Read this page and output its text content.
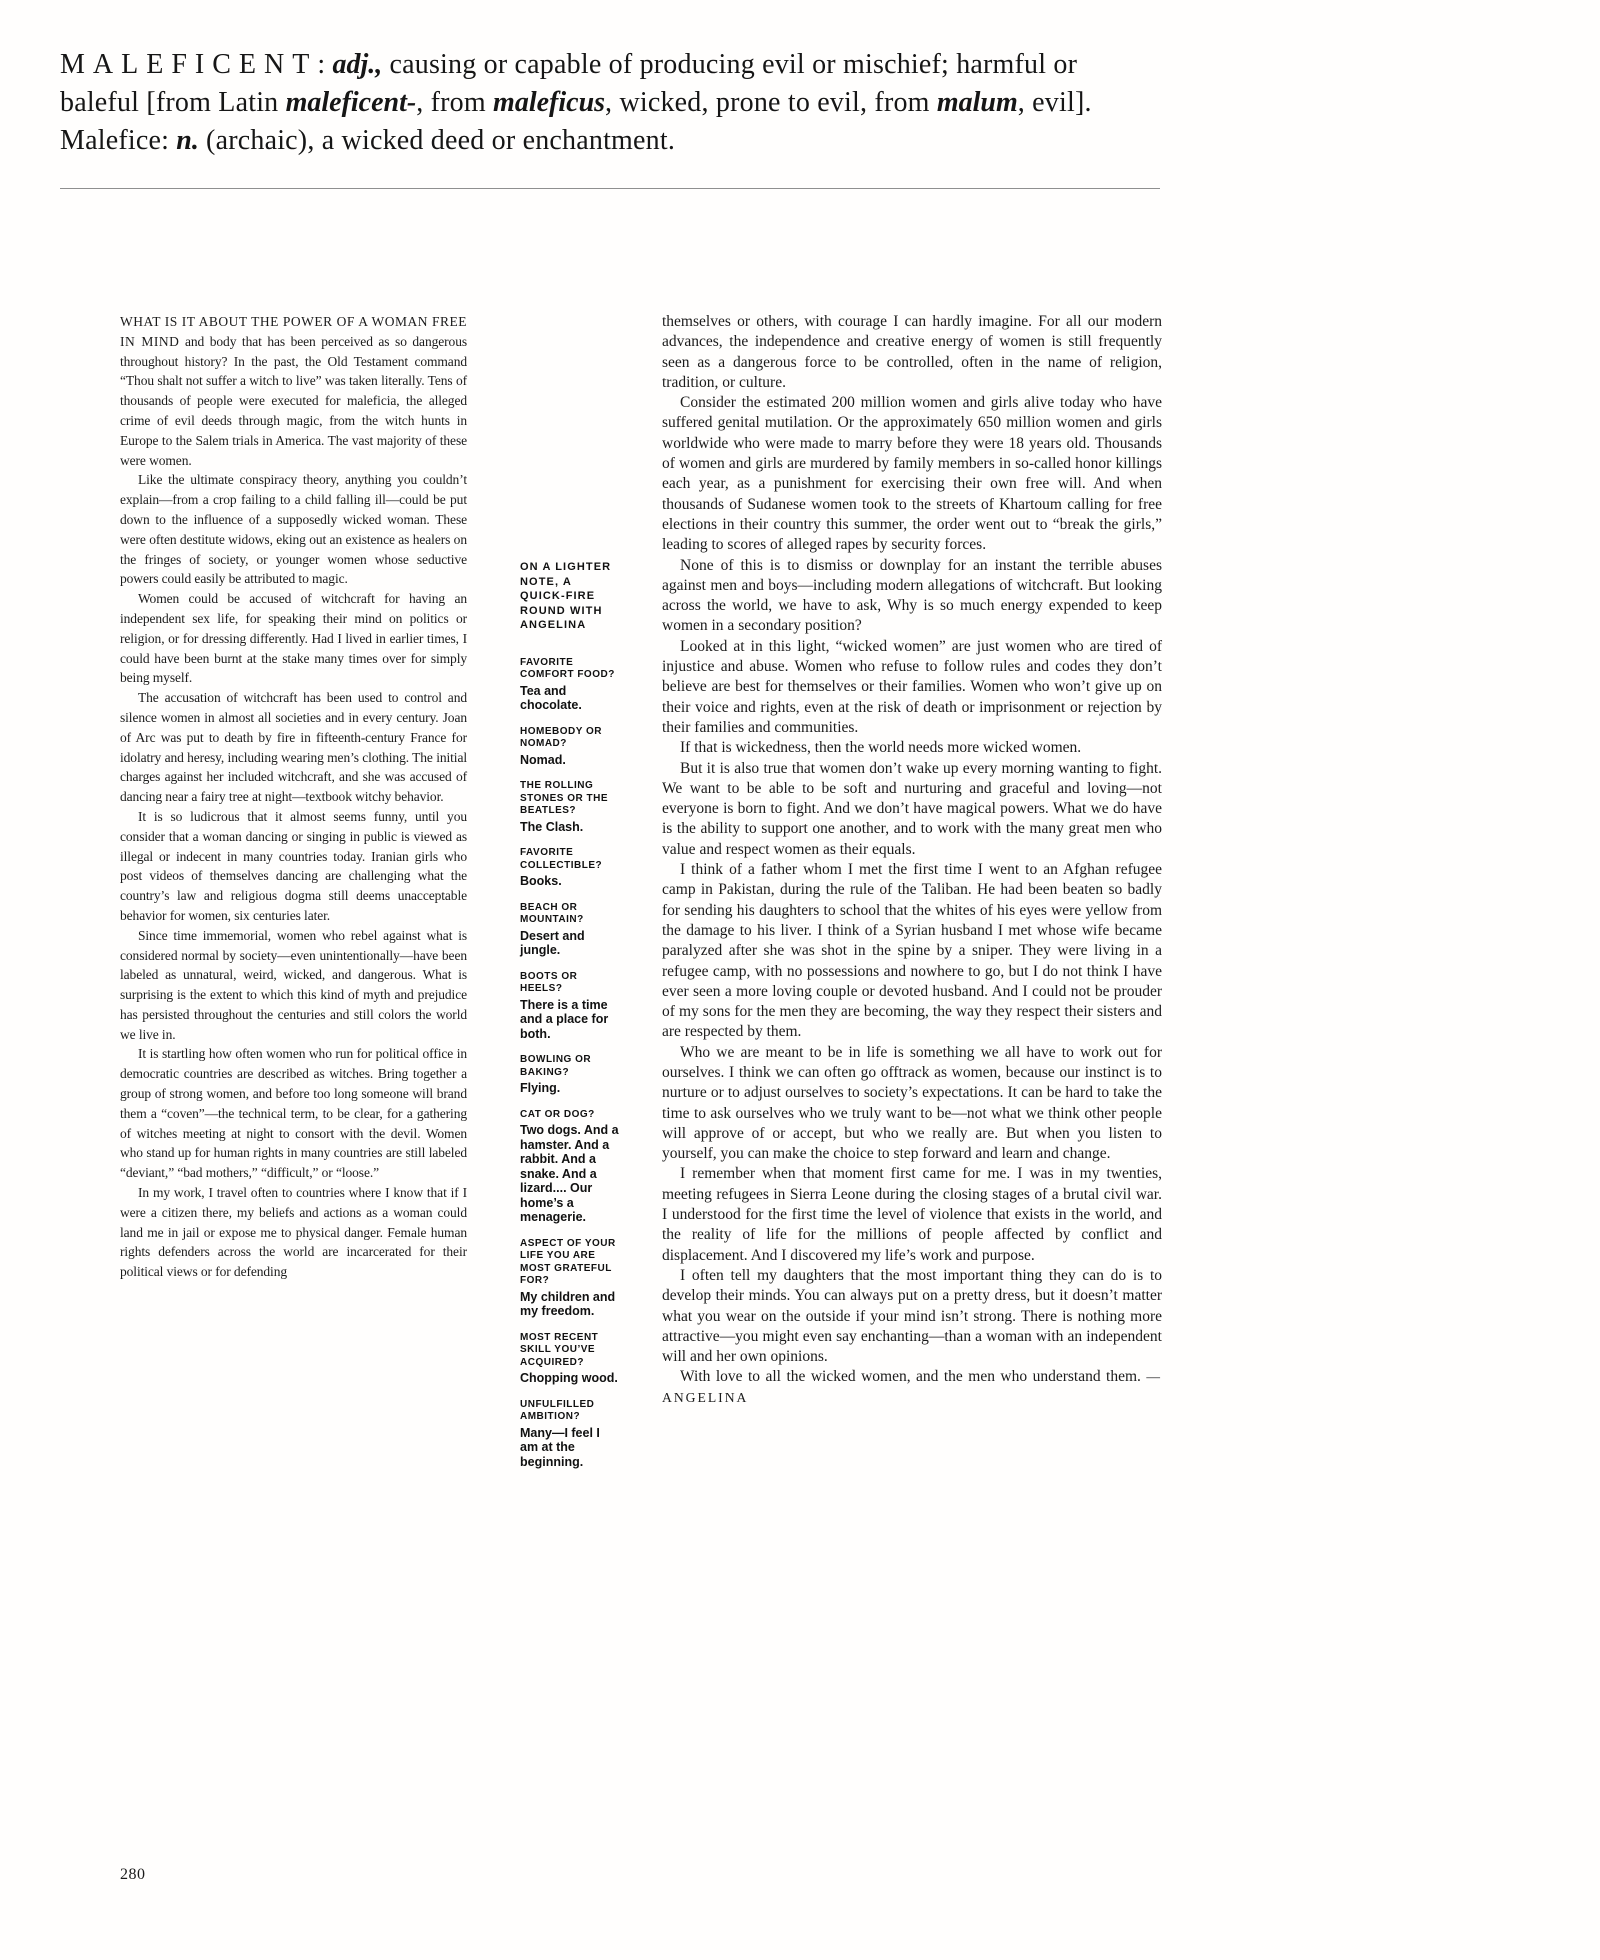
MALEFICENT: adj., causing or capable of producing evil or mischief; harmful or baleful [from Latin maleficent-, from maleficus, wicked, prone to evil, from malum, evil]. Malefice: n. (archaic), a wicked deed or enchantment.

WHAT IS IT ABOUT THE POWER OF A WOMAN FREE IN MIND and body that has been perceived as so dangerous throughout history? In the past, the Old Testament command “Thou shalt not suffer a witch to live” was taken literally. Tens of thousands of people were executed for maleficia, the alleged crime of evil deeds through magic, from the witch hunts in Europe to the Salem trials in America. The vast majority of these were women.

Like the ultimate conspiracy theory, anything you couldn’t explain—from a crop failing to a child falling ill—could be put down to the influence of a supposedly wicked woman. These were often destitute widows, eking out an existence as healers on the fringes of society, or younger women whose seductive powers could easily be attributed to magic.

Women could be accused of witchcraft for having an independent sex life, for speaking their mind on politics or religion, or for dressing differently. Had I lived in earlier times, I could have been burnt at the stake many times over for simply being myself.

The accusation of witchcraft has been used to control and silence women in almost all societies and in every century. Joan of Arc was put to death by fire in fifteenth-century France for idolatry and heresy, including wearing men’s clothing. The initial charges against her included witchcraft, and she was accused of dancing near a fairy tree at night—textbook witchy behavior.

It is so ludicrous that it almost seems funny, until you consider that a woman dancing or singing in public is viewed as illegal or indecent in many countries today. Iranian girls who post videos of themselves dancing are challenging what the country’s law and religious dogma still deems unacceptable behavior for women, six centuries later.

Since time immemorial, women who rebel against what is considered normal by society—even unintentionally—have been labeled as unnatural, weird, wicked, and dangerous. What is surprising is the extent to which this kind of myth and prejudice has persisted throughout the centuries and still colors the world we live in.

It is startling how often women who run for political office in democratic countries are described as witches. Bring together a group of strong women, and before too long someone will brand them a “coven”—the technical term, to be clear, for a gathering of witches meeting at night to consort with the devil. Women who stand up for human rights in many countries are still labeled “deviant,” “bad mothers,” “difficult,” or “loose.”

In my work, I travel often to countries where I know that if I were a citizen there, my beliefs and actions as a woman could land me in jail or expose me to physical danger. Female human rights defenders across the world are incarcerated for their political views or for defending

ON A LIGHTER NOTE, A QUICK-FIRE ROUND WITH ANGELINA
FAVORITE COMFORT FOOD?
Tea and chocolate.
HOMEBODY OR NOMAD?
Nomad.
THE ROLLING STONES OR THE BEATLES?
The Clash.
FAVORITE COLLECTIBLE?
Books.
BEACH OR MOUNTAIN?
Desert and jungle.
BOOTS OR HEELS?
There is a time and a place for both.
BOWLING OR BAKING?
Flying.
CAT OR DOG?
Two dogs. And a hamster. And a rabbit. And a snake. And a lizard.... Our home’s a menagerie.
ASPECT OF YOUR LIFE YOU ARE MOST GRATEFUL FOR?
My children and my freedom.
MOST RECENT SKILL YOU’VE ACQUIRED?
Chopping wood.
UNFULFILLED AMBITION?
Many—I feel I am at the beginning.

themselves or others, with courage I can hardly imagine. For all our modern advances, the independence and creative energy of women is still frequently seen as a dangerous force to be controlled, often in the name of religion, tradition, or culture.

Consider the estimated 200 million women and girls alive today who have suffered genital mutilation. Or the approximately 650 million women and girls worldwide who were made to marry before they were 18 years old. Thousands of women and girls are murdered by family members in so-called honor killings each year, as a punishment for exercising their own free will. And when thousands of Sudanese women took to the streets of Khartoum calling for free elections in their country this summer, the order went out to “break the girls,” leading to scores of alleged rapes by security forces.

None of this is to dismiss or downplay for an instant the terrible abuses against men and boys—including modern allegations of witchcraft. But looking across the world, we have to ask, Why is so much energy expended to keep women in a secondary position?

Looked at in this light, “wicked women” are just women who are tired of injustice and abuse. Women who refuse to follow rules and codes they don’t believe are best for themselves or their families. Women who won’t give up on their voice and rights, even at the risk of death or imprisonment or rejection by their families and communities.

If that is wickedness, then the world needs more wicked women.

But it is also true that women don’t wake up every morning wanting to fight. We want to be able to be soft and nurturing and graceful and loving—not everyone is born to fight. And we don’t have magical powers. What we do have is the ability to support one another, and to work with the many great men who value and respect women as their equals.

I think of a father whom I met the first time I went to an Afghan refugee camp in Pakistan, during the rule of the Taliban. He had been beaten so badly for sending his daughters to school that the whites of his eyes were yellow from the damage to his liver. I think of a Syrian husband I met whose wife became paralyzed after she was shot in the spine by a sniper. They were living in a refugee camp, with no possessions and nowhere to go, but I do not think I have ever seen a more loving couple or devoted husband. And I could not be prouder of my sons for the men they are becoming, the way they respect their sisters and are respected by them.

Who we are meant to be in life is something we all have to work out for ourselves. I think we can often go offtrack as women, because our instinct is to nurture or to adjust ourselves to society’s expectations. It can be hard to take the time to ask ourselves who we truly want to be—not what we think other people will approve of or accept, but who we really are. But when you listen to yourself, you can make the choice to step forward and learn and change.

I remember when that moment first came for me. I was in my twenties, meeting refugees in Sierra Leone during the closing stages of a brutal civil war. I understood for the first time the level of violence that exists in the world, and the reality of life for the millions of people affected by conflict and displacement. And I discovered my life’s work and purpose.

I often tell my daughters that the most important thing they can do is to develop their minds. You can always put on a pretty dress, but it doesn’t matter what you wear on the outside if your mind isn’t strong. There is nothing more attractive—you might even say enchanting—than a woman with an independent will and her own opinions.

With love to all the wicked women, and the men who understand them. —ANGELINA

280
